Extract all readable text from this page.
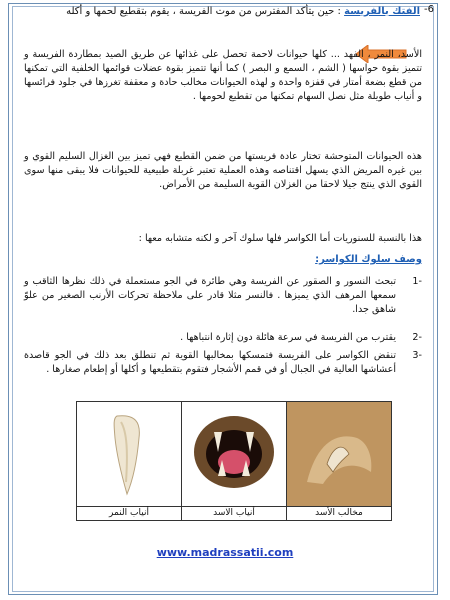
-6
الفتك بالفريسة : حين يتأكد المفترس من موت الفريسة ، يقوم بتقطيع لحمها و أكله
الأسد، النمر ، الفهد ... كلها حيوانات لاحمة تحصل على غذائها عن طريق الصيد بمطاردة الفريسة و تتميز بقوة حواسها ( الشم ، السمع و البصر ) كما أنها تتميز بقوة عضلات قوائمها الخلفية التي تمكنها من قطع بضعة أمتار في قفزة واحدة و لهذه الحيوانات مخالب حادة و معقفة تغرزها في جلود فرائسها و أنياب طويلة مثل نصل السهام تمكنها من تقطيع لحومها .
هذه الحيوانات المتوحشة تختار عادة فريستها من ضمن القطيع فهي تميز بين الغزال السليم القوي و بين غيره المريض الذي يسهل اقتناصه وهذه العملية تعتبر غربلة طبيعية للحيوانات فلا يبقى منها سوى القوي الذي ينتج جيلا لاحقا من الغزلان القوية السليمة من الأمراض.
هذا بالنسبة للسنوريات أما الكواسر فلها سلوك آخر و لكنه متشابه معها :
وصف سلوك الكواسر:
-1
تبحث النسور و الصقور عن الفريسة وهي طائرة في الجو مستعملة في ذلك نظرها الثاقب و سمعها المرهف الذي يميزها . فالنسر مثلا قادر على ملاحظة تحركات الأرنب الصغير من علوّ شاهق جدا.
-2
يقترب من الفريسة في سرعة هائلة دون إثارة انتباهها .
-3
تنقض الكواسر على الفريسة فتمسكها بمخالبها القوية ثم تنطلق بعد ذلك في الجو قاصدة أعشاشها العالية في الجبال أو في قمم الأشجار فتقوم بتقطيعها و أكلها أو إطعام صغارها .
أنياب النمر	أنياب الاسد	مخالب الأسد
www.madrassatii.com
